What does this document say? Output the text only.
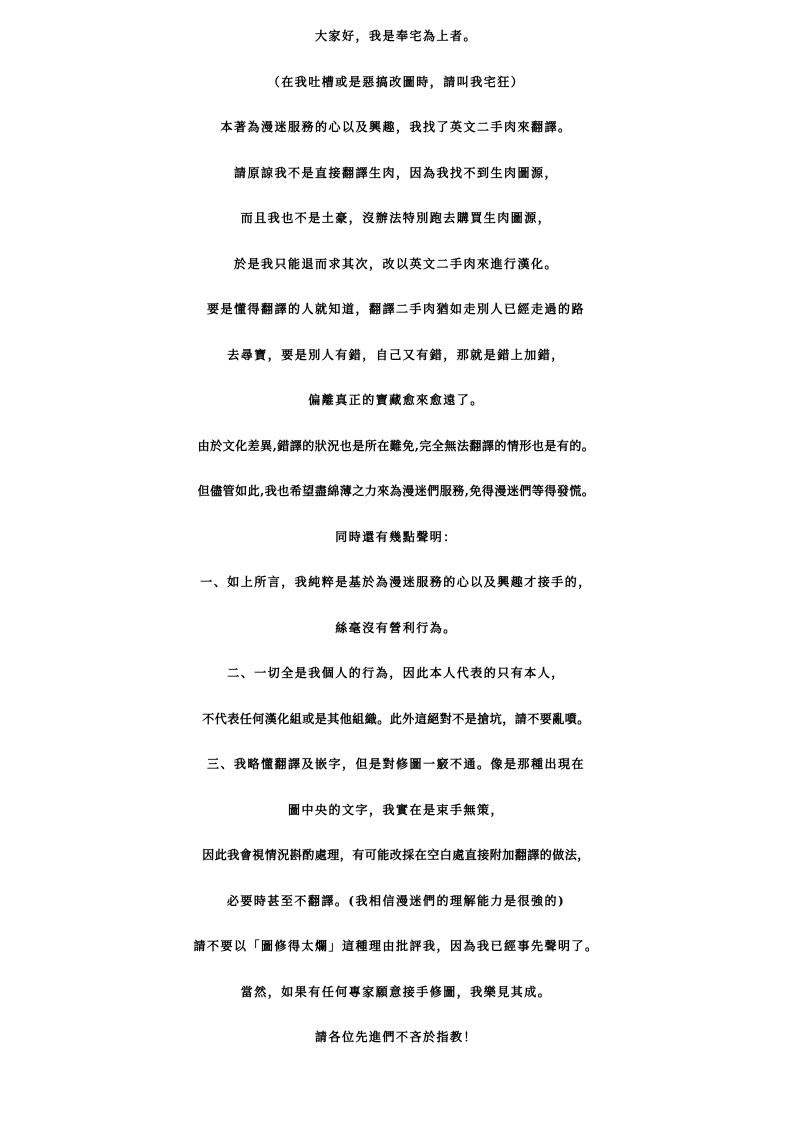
大家好，我是奉宅為上者。
（在我吐槽或是惡搞改圖時，請叫我宅狂）
本著為漫迷服務的心以及興趣，我找了英文二手肉來翻譯。
請原諒我不是直接翻譯生肉，因為我找不到生肉圖源，
而且我也不是土豪，沒辦法特別跑去購買生肉圖源，
於是我只能退而求其次，改以英文二手肉來進行漢化。
要是懂得翻譯的人就知道，翻譯二手肉猶如走別人已經走過的路
去尋寶，要是別人有錯，自己又有錯，那就是錯上加錯，
偏離真正的寶藏愈來愈遠了。
由於文化差異,錯譯的狀況也是所在難免,完全無法翻譯的情形也是有的。
但儘管如此,我也希望盡綿薄之力來為漫迷們服務,免得漫迷們等得發慌。
同時還有幾點聲明：
一、如上所言，我純粹是基於為漫迷服務的心以及興趣才接手的，
絲毫沒有營利行為。
二、一切全是我個人的行為，因此本人代表的只有本人，
不代表任何漢化組或是其他組織。此外這絕對不是搶坑，請不要亂噴。
三、我略懂翻譯及嵌字，但是對修圖一竅不通。像是那種出現在
圖中央的文字，我實在是束手無策，
因此我會視情況斟酌處理，有可能改採在空白處直接附加翻譯的做法，
必要時甚至不翻譯。(我相信漫迷們的理解能力是很強的)
請不要以「圖修得太爛」這種理由批評我，因為我已經事先聲明了。
當然，如果有任何專家願意接手修圖，我樂見其成。
請各位先進們不吝於指教！
